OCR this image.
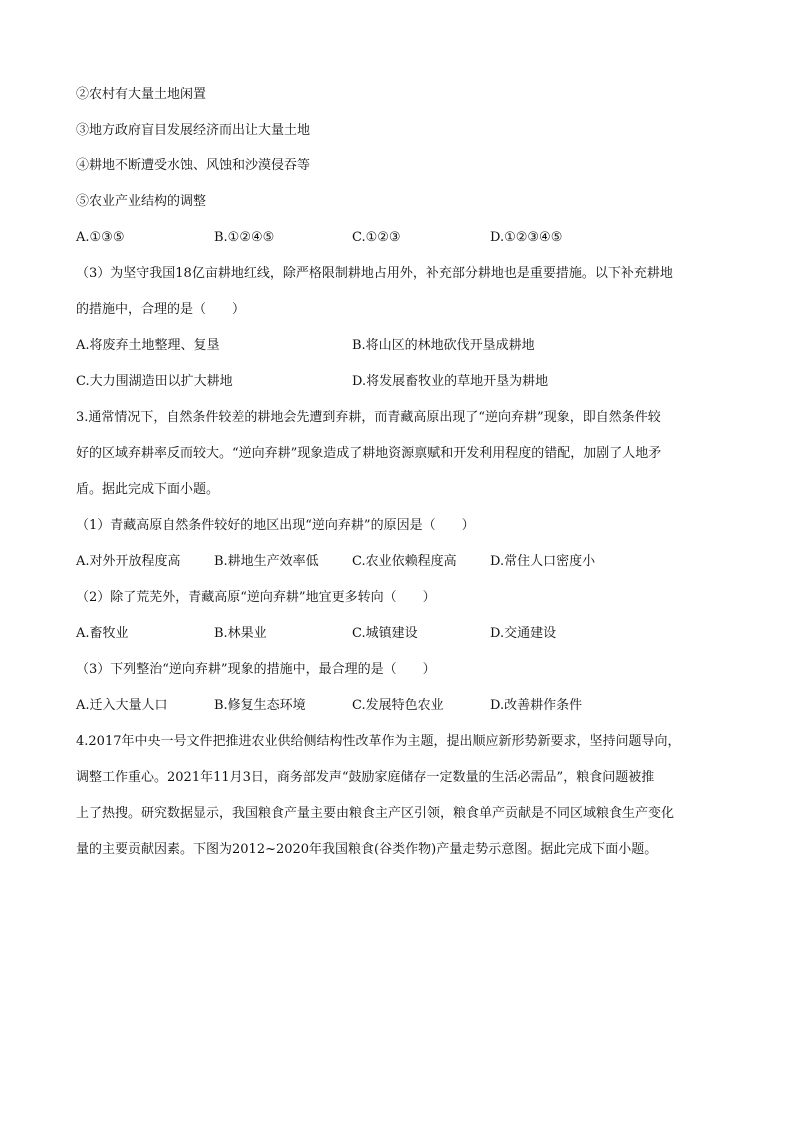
②农村有大量土地闲置
③地方政府盲目发展经济而出让大量土地
④耕地不断遭受水蚀、风蚀和沙漠侵吞等
⑤农业产业结构的调整
A.①③⑤	B.①②④⑤	C.①②③	D.①②③④⑤
（3）为坚守我国18亿亩耕地红线，除严格限制耕地占用外，补充部分耕地也是重要措施。以下补充耕地
的措施中，合理的是（　　）
A.将废弃土地整理、复垦	B.将山区的林地砍伐开垦成耕地
C.大力围湖造田以扩大耕地	D.将发展畜牧业的草地开垦为耕地
3.通常情况下，自然条件较差的耕地会先遭到弃耕，而青藏高原出现了“逆向弃耕”现象，即自然条件较
好的区域弃耕率反而较大。“逆向弃耕”现象造成了耕地资源禀赋和开发利用程度的错配，加剧了人地矛
盾。据此完成下面小题。
（1）青藏高原自然条件较好的地区出现“逆向弃耕”的原因是（　　）
A.对外开放程度高	B.耕地生产效率低	C.农业依赖程度高	D.常住人口密度小
（2）除了荒芜外，青藏高原“逆向弃耕”地宜更多转向（　　）
A.畜牧业	B.林果业	C.城镇建设	D.交通建设
（3）下列整治“逆向弃耕”现象的措施中，最合理的是（　　）
A.迁入大量人口	B.修复生态环境	C.发展特色农业	D.改善耕作条件
4.2017年中央一号文件把推进农业供给侧结构性改革作为主题，提出顺应新形势新要求，坚持问题导向，
调整工作重心。2021年11月3日，商务部发声“鼓励家庭储存一定数量的生活必需品”，粮食问题被推
上了热搜。研究数据显示，我国粮食产量主要由粮食主产区引领，粮食单产贡献是不同区域粮食生产变化
量的主要贡献因素。下图为2012~2020年我国粮食(谷类作物)产量走势示意图。据此完成下面小题。
